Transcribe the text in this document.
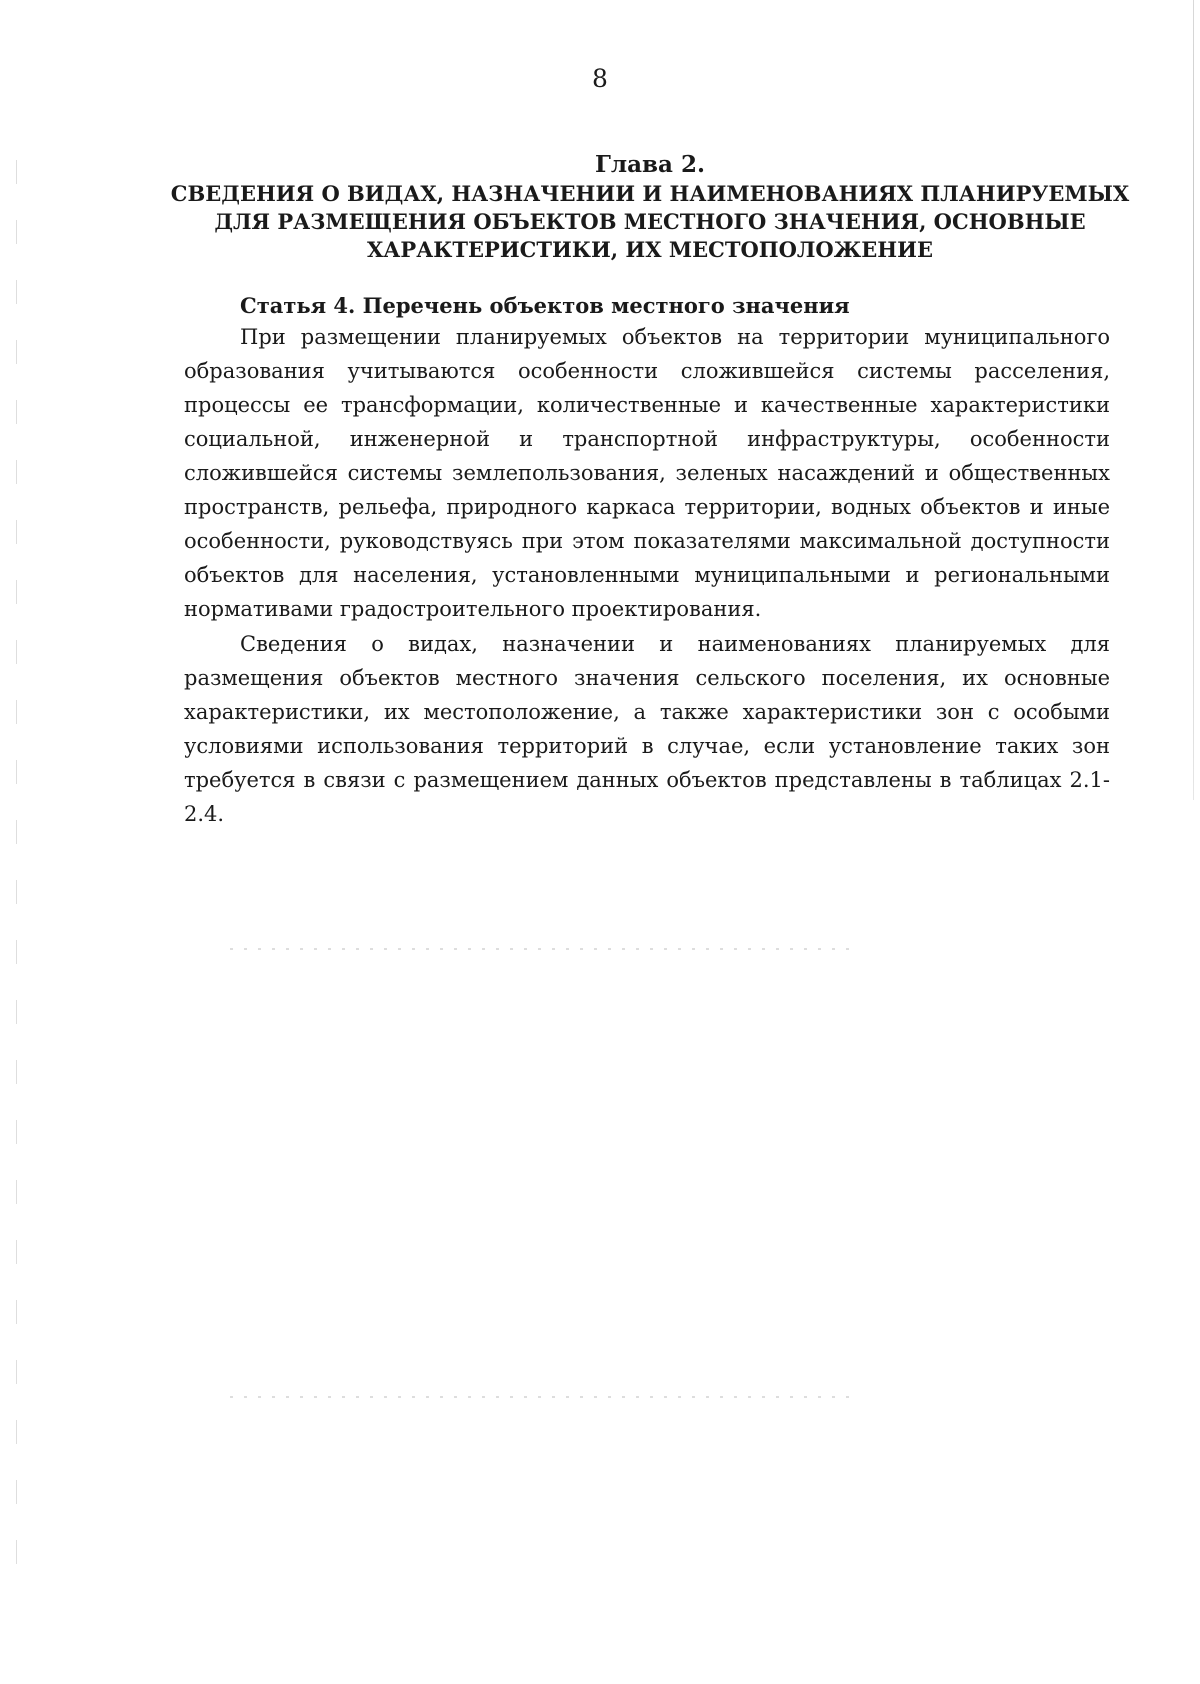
8

Глава 2.

СВЕДЕНИЯ О ВИДАХ, НАЗНАЧЕНИИ И НАИМЕНОВАНИЯХ ПЛАНИРУЕМЫХ

ДЛЯ РАЗМЕЩЕНИЯ ОБЪЕКТОВ МЕСТНОГО ЗНАЧЕНИЯ, ОСНОВНЫЕ

ХАРАКТЕРИСТИКИ, ИХ МЕСТОПОЛОЖЕНИЕ

Статья 4. Перечень объектов местного значения

При размещении планируемых объектов на территории муниципального образования учитываются особенности сложившейся системы расселения, процессы ее трансформации, количественные и качественные характеристики социальной, инженерной и транспортной инфраструктуры, особенности сложившейся системы землепользования, зеленых насаждений и общественных пространств, рельефа, природного каркаса территории, водных объектов и иные особенности, руководствуясь при этом показателями максимальной доступности объектов для населения, установленными муниципальными и региональными нормативами градостроительного проектирования.

Сведения о видах, назначении и наименованиях планируемых для размещения объектов местного значения сельского поселения, их основные характеристики, их местоположение, а также характеристики зон с особыми условиями использования территорий в случае, если установление таких зон требуется в связи с размещением данных объектов представлены в таблицах 2.1-2.4.
